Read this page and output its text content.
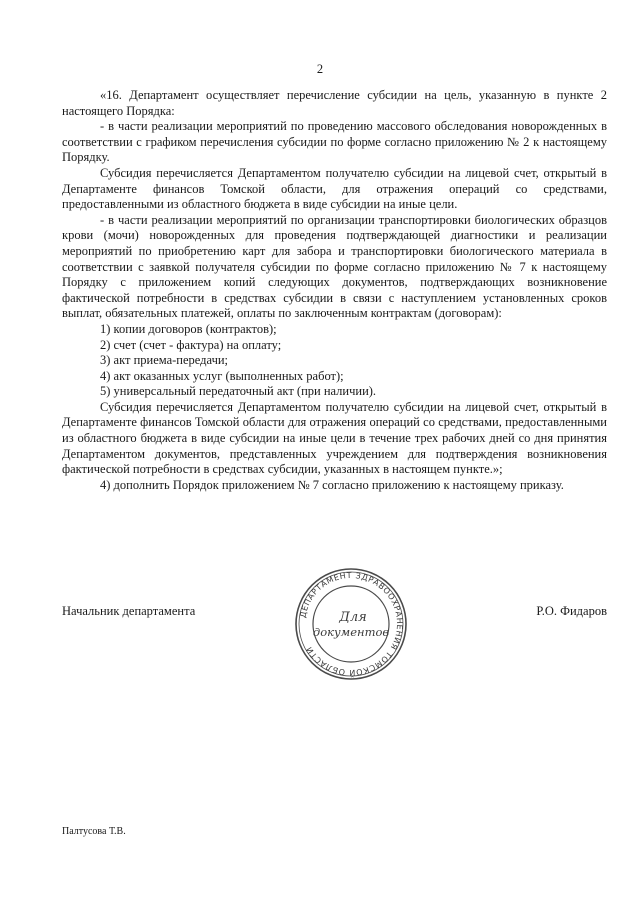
2

«16. Департамент осуществляет перечисление субсидии на цель, указанную в пункте 2 настоящего Порядка:

- в части реализации мероприятий по проведению массового обследования новорожденных в соответствии с графиком перечисления субсидии по форме согласно приложению № 2 к настоящему Порядку.

Субсидия перечисляется Департаментом получателю субсидии на лицевой счет, открытый в Департаменте финансов Томской области, для отражения операций со средствами, предоставленными из областного бюджета в виде субсидии на иные цели.

- в части реализации мероприятий по организации транспортировки биологических образцов крови (мочи) новорожденных для проведения подтверждающей диагностики и реализации мероприятий по приобретению карт для забора и транспортировки биологического материала в соответствии с заявкой получателя субсидии по форме согласно приложению № 7 к настоящему Порядку с приложением копий следующих документов, подтверждающих возникновение фактической потребности в средствах субсидии в связи с наступлением установленных сроков выплат, обязательных платежей, оплаты по заключенным контрактам (договорам):

1) копии договоров (контрактов);

2) счет (счет - фактура) на оплату;

3) акт приема-передачи;

4) акт оказанных услуг (выполненных работ);

5) универсальный передаточный акт (при наличии).

Субсидия перечисляется Департаментом получателю субсидии на лицевой счет, открытый в Департаменте финансов Томской области для отражения операций со средствами, предоставленными из областного бюджета в виде субсидии на иные цели в течение трех рабочих дней со дня принятия Департаментом документов, представленных учреждением для подтверждения возникновения фактической потребности в средствах субсидии, указанных в настоящем пункте.»;

4) дополнить Порядок приложением № 7 согласно приложению к настоящему приказу.

Начальник департамента	Р.О. Фидаров
ДЕПАРТАМЕНТ ЗДРАВООХРАНЕНИЯ ТОМСКОЙ ОБЛАСТИ
Для
документов
Палтусова Т.В.
